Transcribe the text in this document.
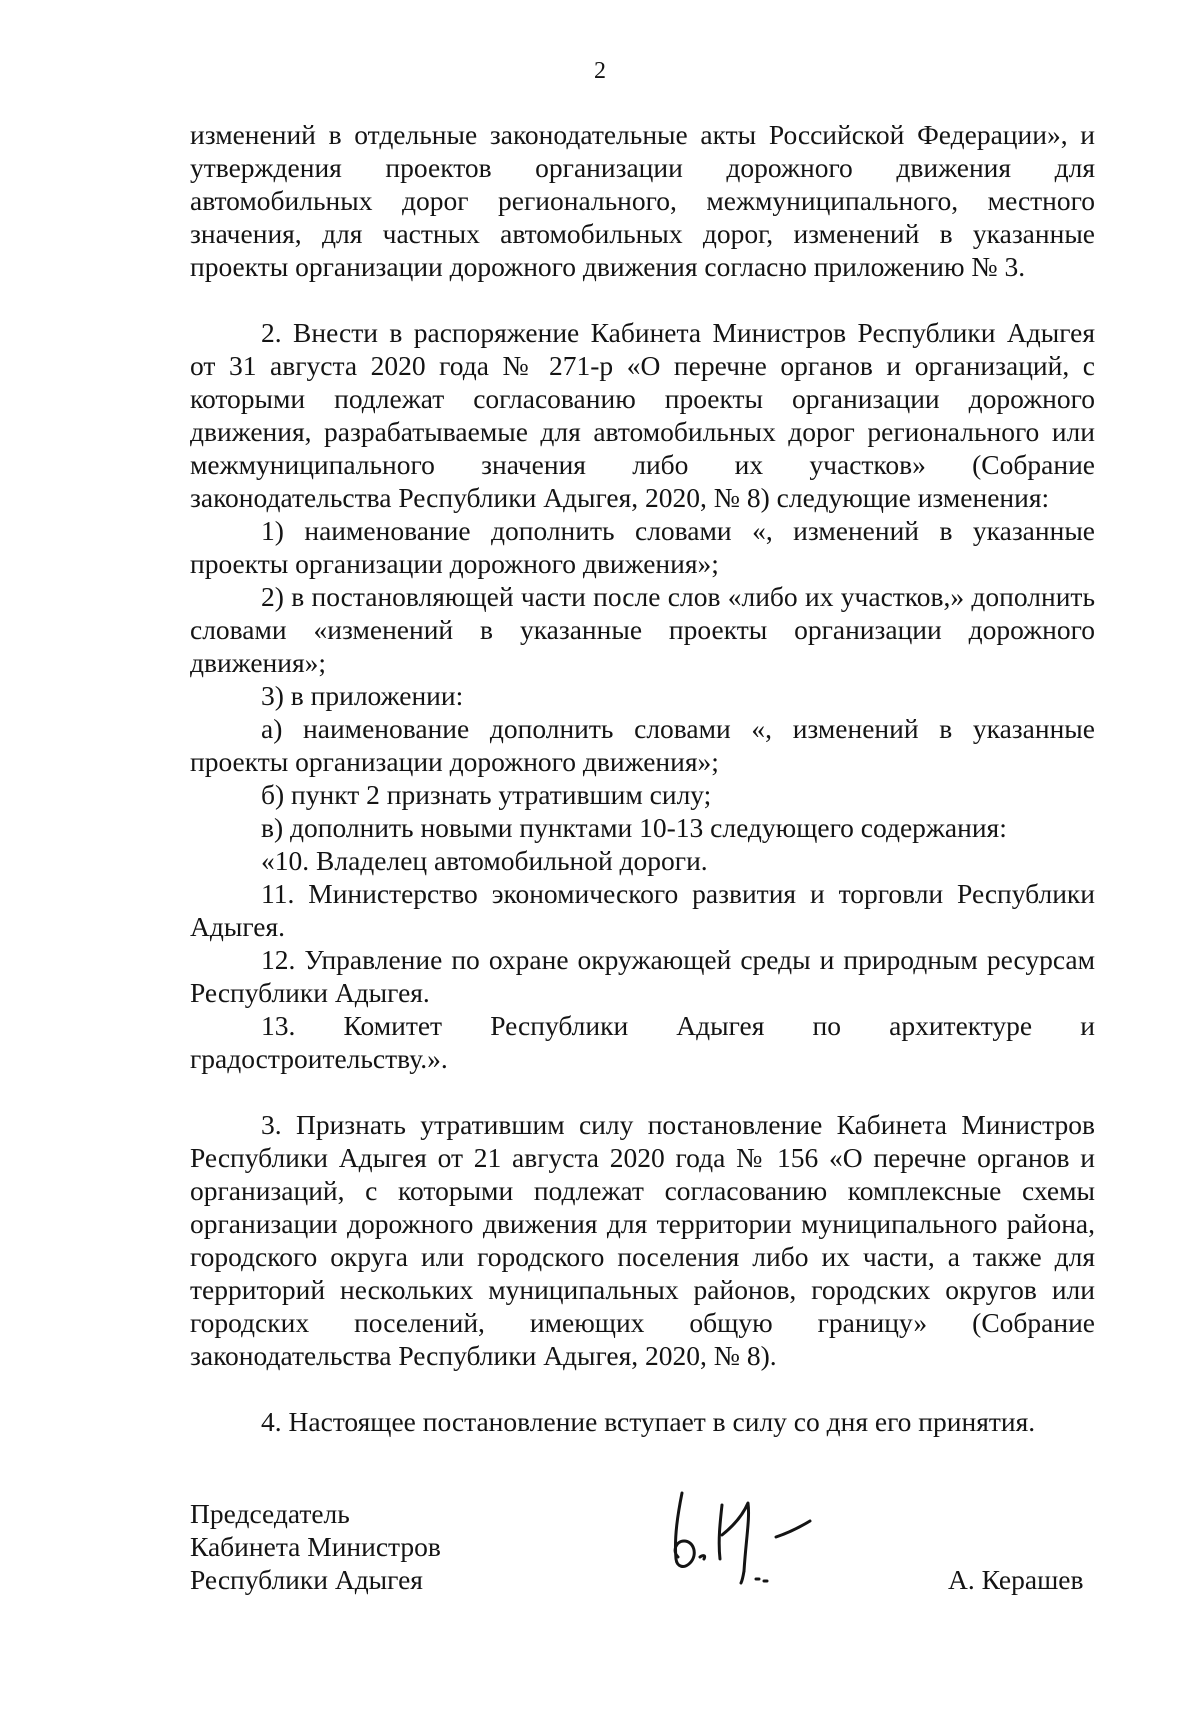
2

изменений в отдельные законодательные акты Российской Федерации», и утверждения проектов организации дорожного движения для автомобильных дорог регионального, межмуниципального, местного значения, для частных автомобильных дорог, изменений в указанные проекты организации дорожного движения согласно приложению № 3.

2. Внести в распоряжение Кабинета Министров Республики Адыгея от 31 августа 2020 года № 271-р «О перечне органов и организаций, с которыми подлежат согласованию проекты организации дорожного движения, разрабатываемые для автомобильных дорог регионального или межмуниципального значения либо их участков» (Собрание законодательства Республики Адыгея, 2020, № 8) следующие изменения:

1) наименование дополнить словами «, изменений в указанные проекты организации дорожного движения»;

2) в постановляющей части после слов «либо их участков,» дополнить словами «изменений в указанные проекты организации дорожного движения»;

3) в приложении:

а) наименование дополнить словами «, изменений в указанные проекты организации дорожного движения»;

б) пункт 2 признать утратившим силу;

в) дополнить новыми пунктами 10-13 следующего содержания:

«10. Владелец автомобильной дороги.

11. Министерство экономического развития и торговли Республики Адыгея.

12. Управление по охране окружающей среды и природным ресурсам Республики Адыгея.

13. Комитет Республики Адыгея по архитектуре и градостроительству.».

3. Признать утратившим силу постановление Кабинета Министров Республики Адыгея от 21 августа 2020 года № 156 «О перечне органов и организаций, с которыми подлежат согласованию комплексные схемы организации дорожного движения для территории муниципального района, городского округа или городского поселения либо их части, а также для территорий нескольких муниципальных районов, городских округов или городских поселений, имеющих общую границу» (Собрание законодательства Республики Адыгея, 2020, № 8).

4. Настоящее постановление вступает в силу со дня его принятия.

Председатель
Кабинета Министров
Республики Адыгея	А. Керашев
